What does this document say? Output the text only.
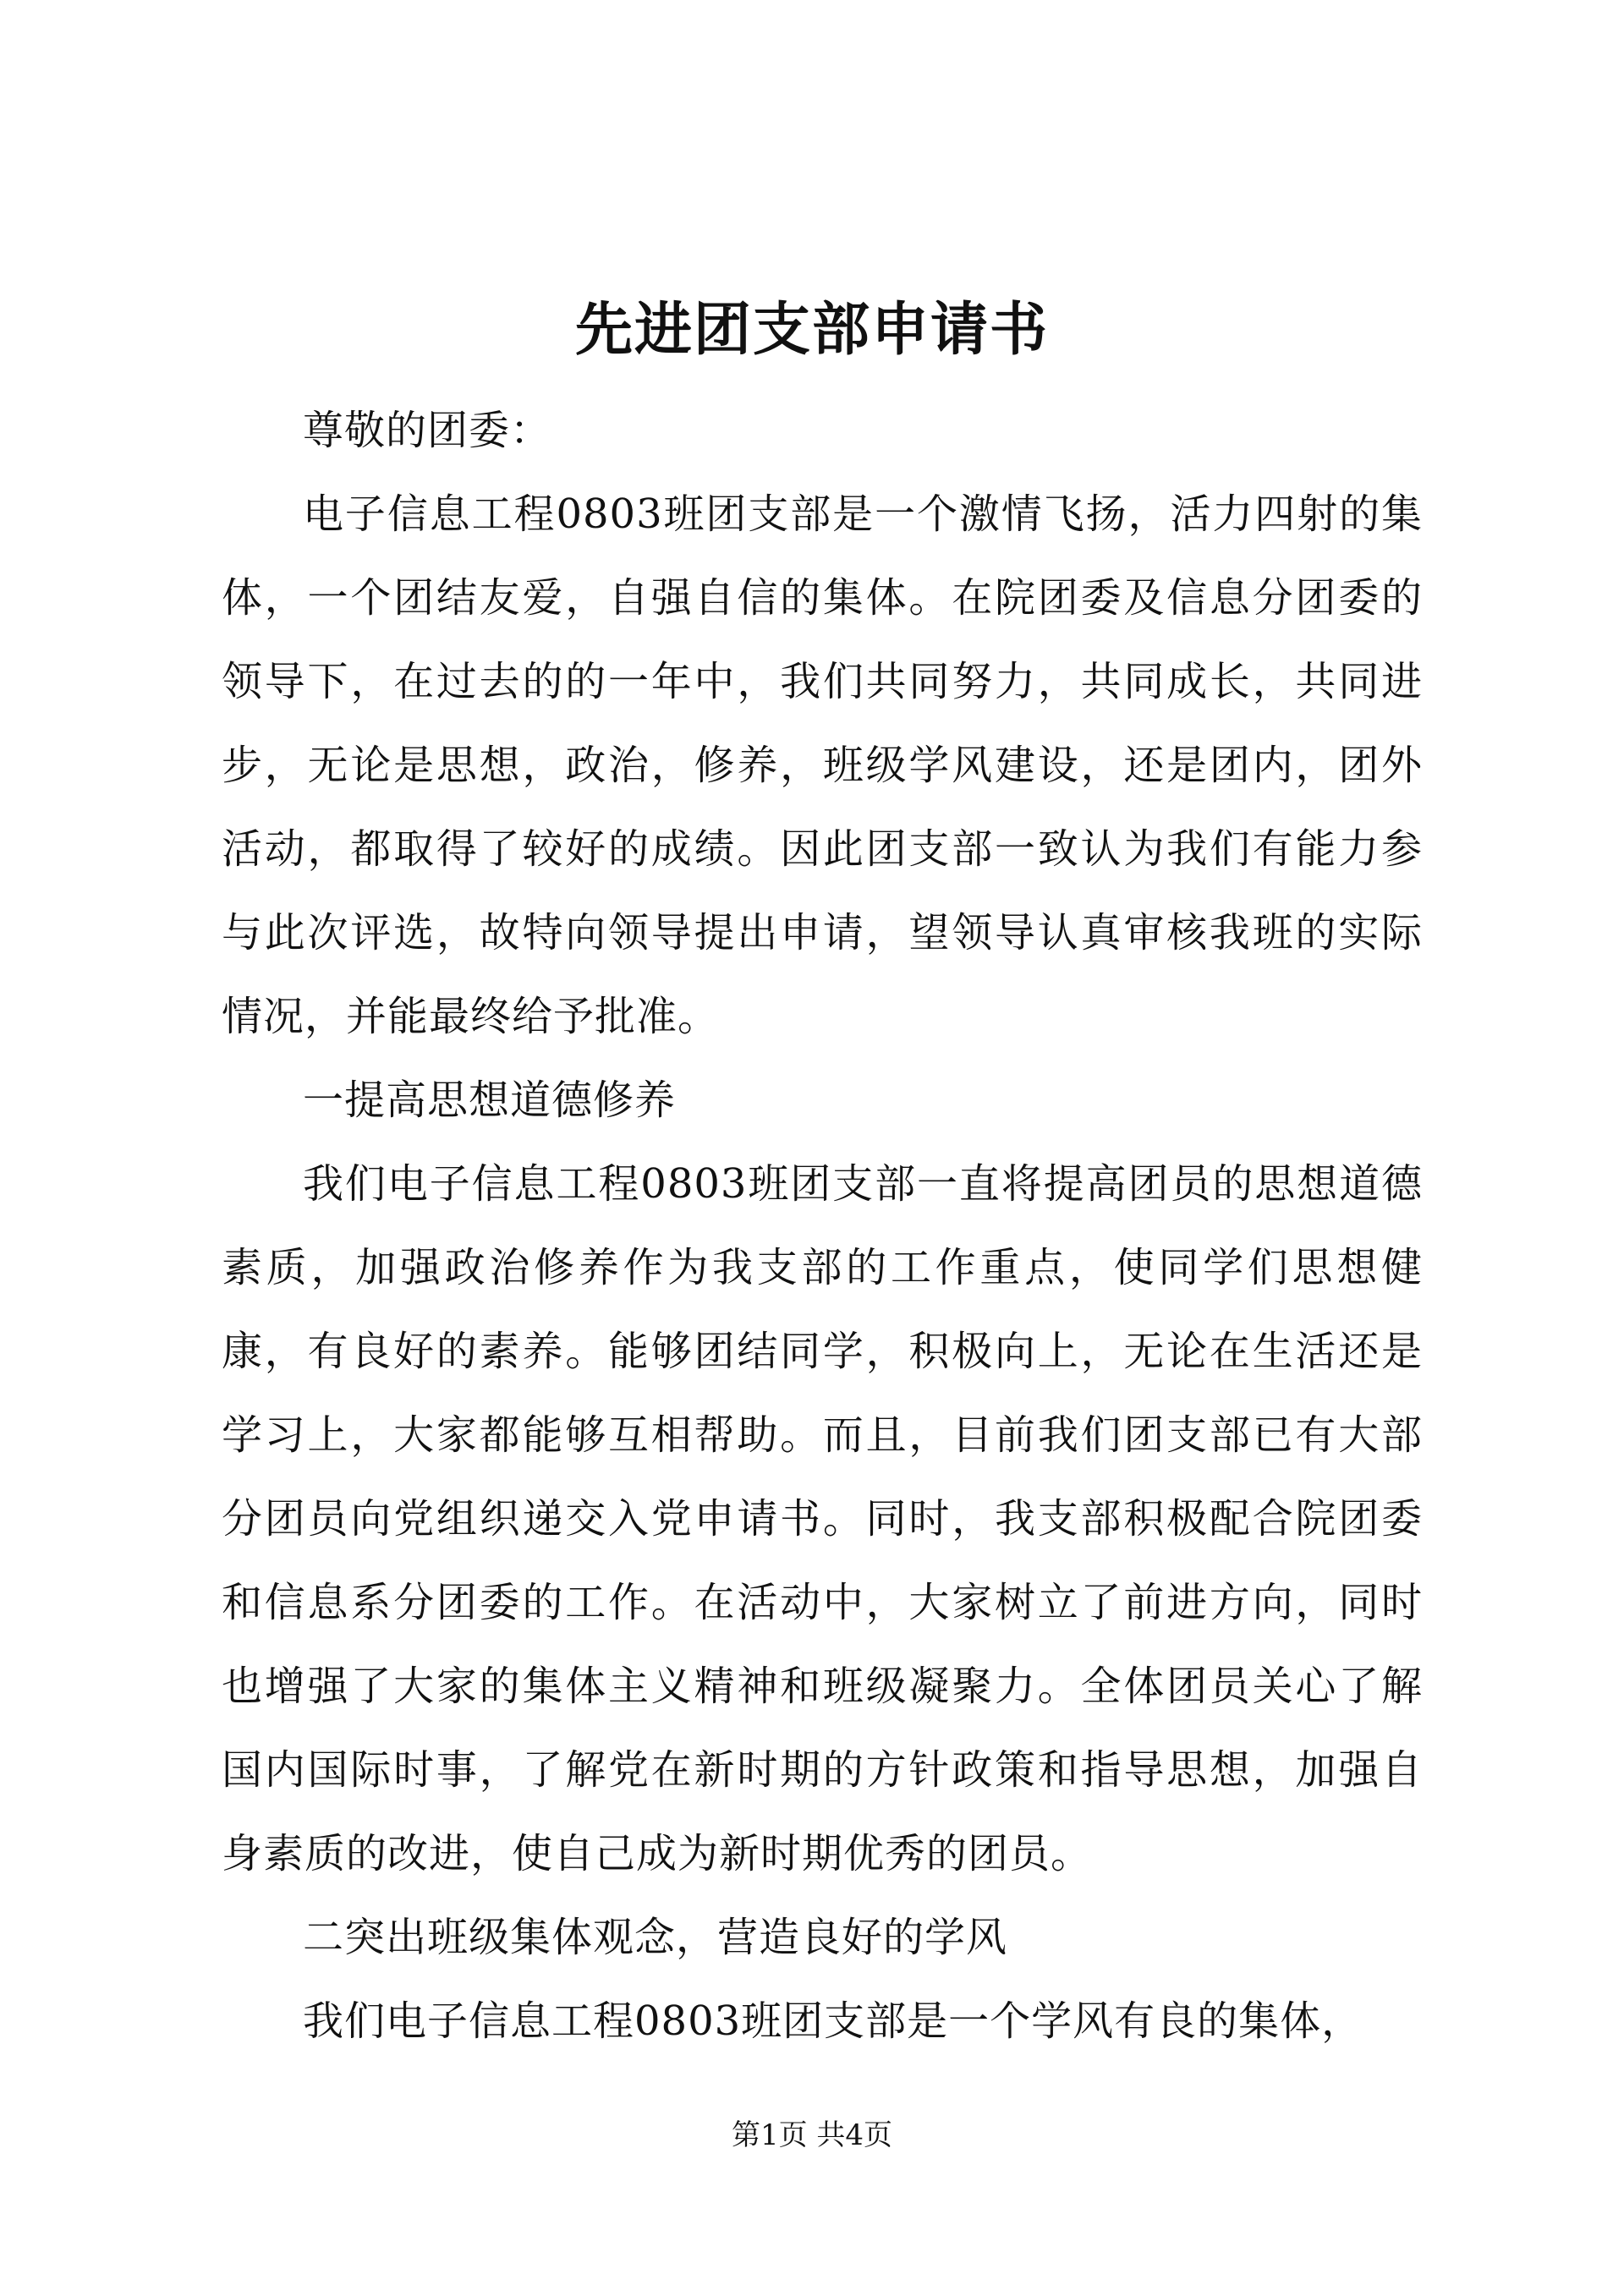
先进团支部申请书

尊敬的团委：

电子信息工程0803班团支部是一个激情飞扬，活力四射的集体，一个团结友爱，自强自信的集体。在院团委及信息分团委的领导下，在过去的的一年中，我们共同努力，共同成长，共同进步，无论是思想，政治，修养，班级学风建设，还是团内，团外活动，都取得了较好的成绩。因此团支部一致认为我们有能力参与此次评选，故特向领导提出申请，望领导认真审核我班的实际情况，并能最终给予批准。

一提高思想道德修养

我们电子信息工程0803班团支部一直将提高团员的思想道德素质，加强政治修养作为我支部的工作重点，使同学们思想健康，有良好的素养。能够团结同学，积极向上，无论在生活还是学习上，大家都能够互相帮助。而且，目前我们团支部已有大部分团员向党组织递交入党申请书。同时，我支部积极配合院团委和信息系分团委的工作。在活动中，大家树立了前进方向，同时也增强了大家的集体主义精神和班级凝聚力。全体团员关心了解国内国际时事，了解党在新时期的方针政策和指导思想，加强自身素质的改进，使自己成为新时期优秀的团员。

二突出班级集体观念，营造良好的学风

我们电子信息工程0803班团支部是一个学风有良的集体，

第1页 共4页
